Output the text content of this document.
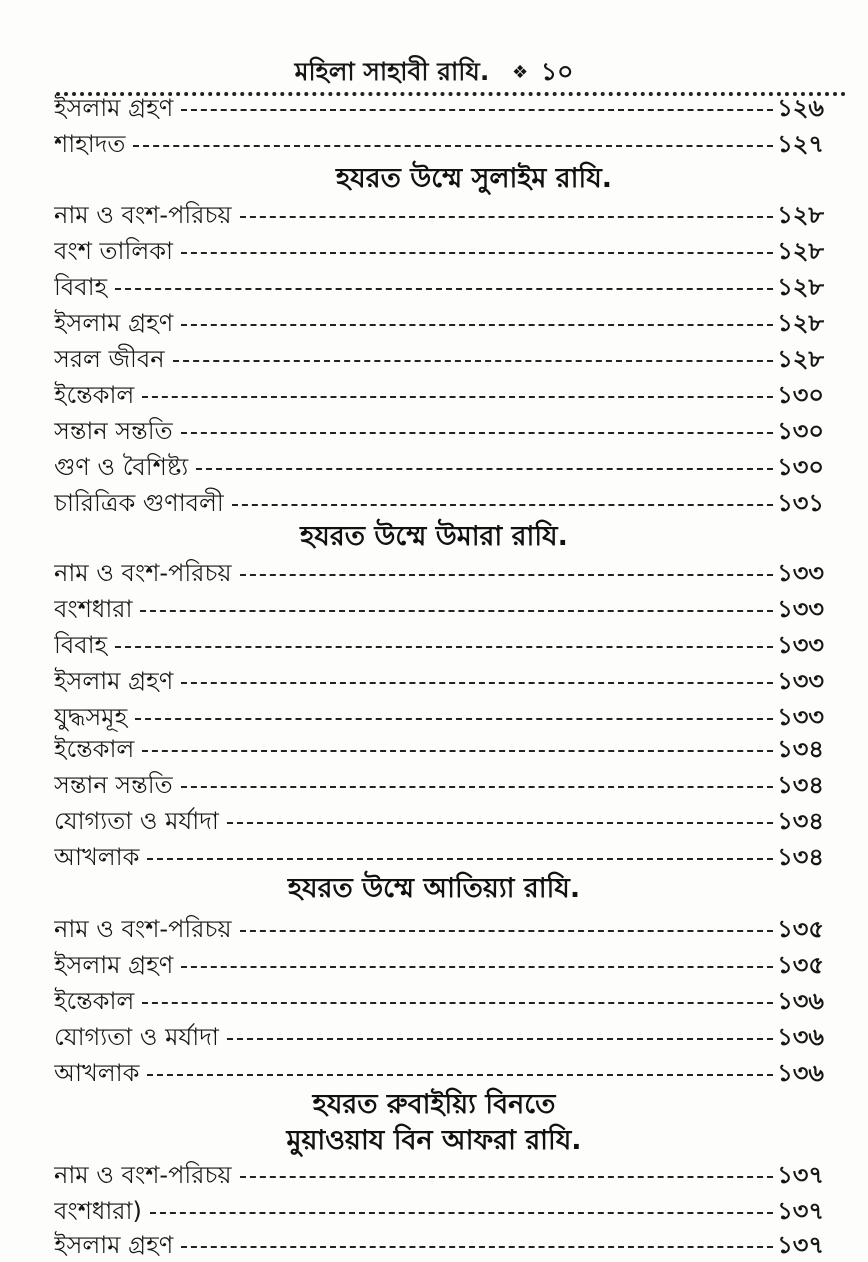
মহিলা সাহাবী রাযি. ❖ ১০
ইসলাম গ্রহণ	১২৬
শাহাদত	১২৭
হযরত উম্মে সুলাইম রাযি.
নাম ও বংশ-পরিচয়	১২৮
বংশ তালিকা	১২৮
বিবাহ	১২৮
ইসলাম গ্রহণ	১২৮
সরল জীবন	১২৮
ইন্তেকাল	১৩০
সন্তান সন্ততি	১৩০
গুণ ও বৈশিষ্ট্য	১৩০
চারিত্রিক গুণাবলী	১৩১
হযরত উম্মে উমারা রাযি.
নাম ও বংশ-পরিচয়	১৩৩
বংশধারা	১৩৩
বিবাহ	১৩৩
ইসলাম গ্রহণ	১৩৩
যুদ্ধসমূহ	১৩৩
ইন্তেকাল	১৩৪
সন্তান সন্ততি	১৩৪
যোগ্যতা ও মর্যাদা	১৩৪
আখলাক	১৩৪
হযরত উম্মে আতিয়্যা রাযি.
নাম ও বংশ-পরিচয়	১৩৫
ইসলাম গ্রহণ	১৩৫
ইন্তেকাল	১৩৬
যোগ্যতা ও মর্যাদা	১৩৬
আখলাক	১৩৬
হযরত রুবাইয়্যি বিনতে
মুয়াওয়ায বিন আফরা রাযি.
নাম ও বংশ-পরিচয়	১৩৭
বংশধারা)	১৩৭
ইসলাম গ্রহণ	১৩৭
